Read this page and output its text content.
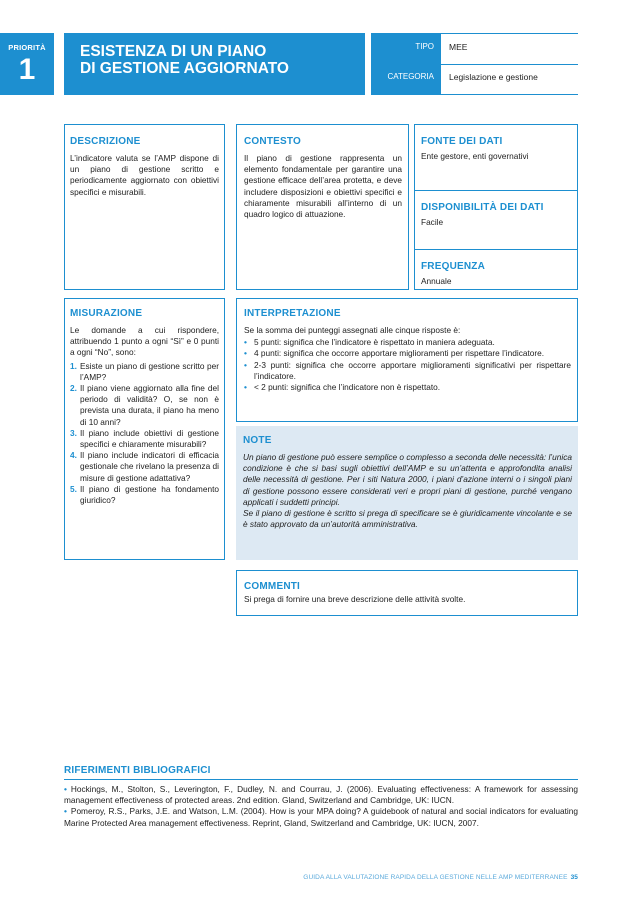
PRIORITÀ
1
ESISTENZA DI UN PIANO
DI GESTIONE AGGIORNATO
TIPO
CATEGORIA
MEE
Legislazione e gestione
DESCRIZIONE

L’indicatore valuta se l’AMP dispone di un piano di gestione scritto e periodicamente aggiornato con obiettivi specifici e misurabili.

CONTESTO

Il piano di gestione rappresenta un elemento fondamentale per garantire una gestione efficace dell’area protetta, e deve includere disposizioni e obiettivi specifici e chiaramente misurabili all’interno di un quadro logico di attuazione.

FONTE DEI DATI

Ente gestore, enti governativi

DISPONIBILITÀ DEI DATI

Facile

FREQUENZA

Annuale

MISURAZIONE

Le domande a cui rispondere, attribuendo 1 punto a ogni “Sì” e 0 punti a ogni “No”, sono:

1. Esiste un piano di gestione scritto per l’AMP?
2. Il piano viene aggiornato alla fine del periodo di validità? O, se non è prevista una durata, il piano ha meno di 10 anni?
3. Il piano include obiettivi di gestione specifici e chiaramente misurabili?
4. Il piano include indicatori di efficacia gestionale che rivelano la presenza di misure di gestione adattativa?
5. Il piano di gestione ha fondamento giuridico?
INTERPRETAZIONE

Se la somma dei punteggi assegnati alle cinque risposte è:

• 5 punti: significa che l’indicatore è rispettato in maniera adeguata.
• 4 punti: significa che occorre apportare miglioramenti per rispettare l’indicatore.
• 2-3 punti: significa che occorre apportare miglioramenti significativi per rispettare l’indicatore.
• < 2 punti: significa che l’indicatore non è rispettato.
NOTE

Un piano di gestione può essere semplice o complesso a seconda delle necessità: l’unica condizione è che si basi sugli obiettivi dell’AMP e su un’attenta e approfondita analisi delle necessità di gestione. Per i siti Natura 2000, i piani d’azione interni o i singoli piani di gestione possono essere considerati veri e propri piani di gestione, purché vengano applicati i suddetti principi.

Se il piano di gestione è scritto si prega di specificare se è giuridicamente vincolante e se è stato approvato da un’autorità amministrativa.

COMMENTI

Si prega di fornire una breve descrizione delle attività svolte.

RIFERIMENTI BIBLIOGRAFICI

• Hockings, M., Stolton, S., Leverington, F., Dudley, N. and Courrau, J. (2006). Evaluating effectiveness: A framework for assessing management effectiveness of protected areas. 2nd edition. Gland, Switzerland and Cambridge, UK: IUCN.

• Pomeroy, R.S., Parks, J.E. and Watson, L.M. (2004). How is your MPA doing? A guidebook of natural and social indicators for evaluating Marine Protected Area management effectiveness. Reprint, Gland, Switzerland and Cambridge, UK: IUCN, 2007.

GUIDA ALLA VALUTAZIONE RAPIDA DELLA GESTIONE NELLE AMP MEDITERRANEE 35
